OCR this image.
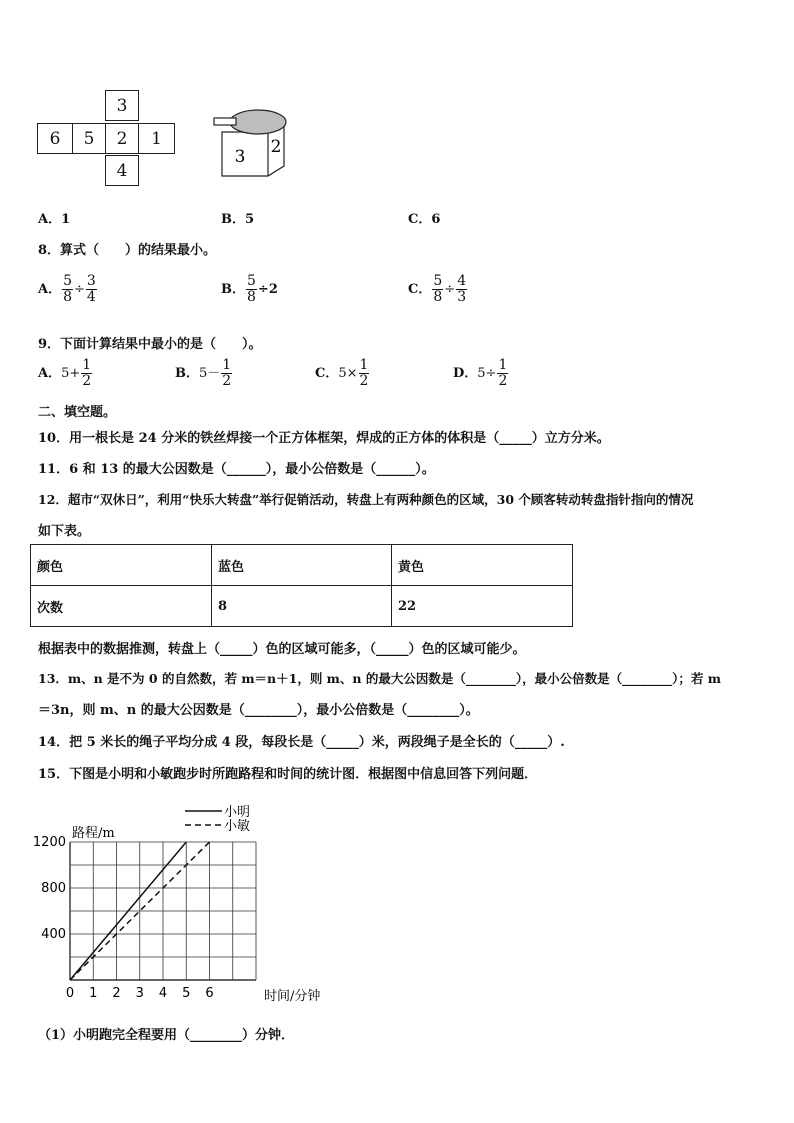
3
6	5	2	1
4
3 2
A．1	B．5	C．6
8．算式（　　）的结果最小。
A． $\frac{5}{8} \div \frac{3}{4}$	B． $\frac{5}{8} \div 2$	C． $\frac{5}{8} \div \frac{4}{3}$
9．下面计算结果中最小的是（　　）。
A．$5+ \frac{1}{2}$	B．$5- \frac{1}{2}$	C．$5\times \frac{1}{2}$	D．$5\div \frac{1}{2}$
二、填空题。
10．用一根长是 24 分米的铁丝焊接一个正方体框架，焊成的正方体的体积是（_____）立方分米。
11．6 和 13 的最大公因数是（______），最小公倍数是（______）。
12．超市“双休日”，利用“快乐大转盘”举行促销活动，转盘上有两种颜色的区域，30 个顾客转动转盘指针指向的情况
如下表。
颜色	蓝色	黄色
次数	8	22
根据表中的数据推测，转盘上（_____）色的区域可能多，（_____）色的区域可能少。
13．m、n 是不为 0 的自然数，若 m＝n＋1，则 m、n 的最大公因数是（________），最小公倍数是（________）；若 m
＝3n，则 m、n 的最大公因数是（________），最小公倍数是（________）。
14．把 5 米长的绳子平均分成 4 段，每段长是（_____）米，两段绳子是全长的（_____）.
15．下图是小明和小敏跑步时所跑路程和时间的统计图．根据图中信息回答下列问题．
400
800
1200
0 1 2 3 4 5 6
路程/m
时间/分钟
小明
小敏
（1）小明跑完全程要用（________）分钟．
